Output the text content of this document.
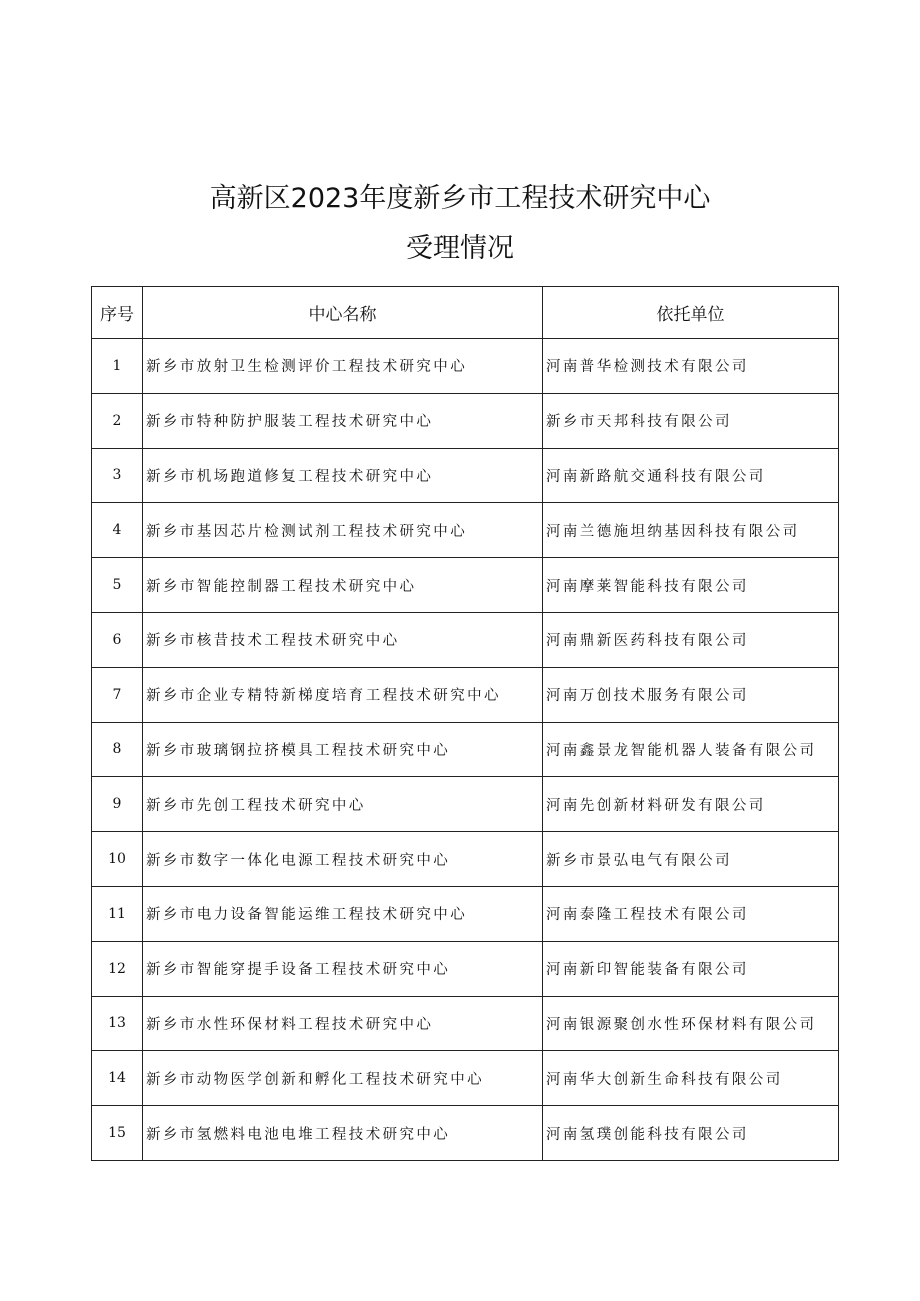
高新区2023年度新乡市工程技术研究中心
受理情况
序号	中心名称	依托单位
1	新乡市放射卫生检测评价工程技术研究中心	河南普华检测技术有限公司
2	新乡市特种防护服装工程技术研究中心	新乡市天邦科技有限公司
3	新乡市机场跑道修复工程技术研究中心	河南新路航交通科技有限公司
4	新乡市基因芯片检测试剂工程技术研究中心	河南兰德施坦纳基因科技有限公司
5	新乡市智能控制器工程技术研究中心	河南摩莱智能科技有限公司
6	新乡市核昔技术工程技术研究中心	河南鼎新医药科技有限公司
7	新乡市企业专精特新梯度培育工程技术研究中心	河南万创技术服务有限公司
8	新乡市玻璃钢拉挤模具工程技术研究中心	河南鑫景龙智能机器人装备有限公司
9	新乡市先创工程技术研究中心	河南先创新材料研发有限公司
10	新乡市数字一体化电源工程技术研究中心	新乡市景弘电气有限公司
11	新乡市电力设备智能运维工程技术研究中心	河南泰隆工程技术有限公司
12	新乡市智能穿提手设备工程技术研究中心	河南新印智能装备有限公司
13	新乡市水性环保材料工程技术研究中心	河南银源聚创水性环保材料有限公司
14	新乡市动物医学创新和孵化工程技术研究中心	河南华大创新生命科技有限公司
15	新乡市氢燃料电池电堆工程技术研究中心	河南氢璞创能科技有限公司
